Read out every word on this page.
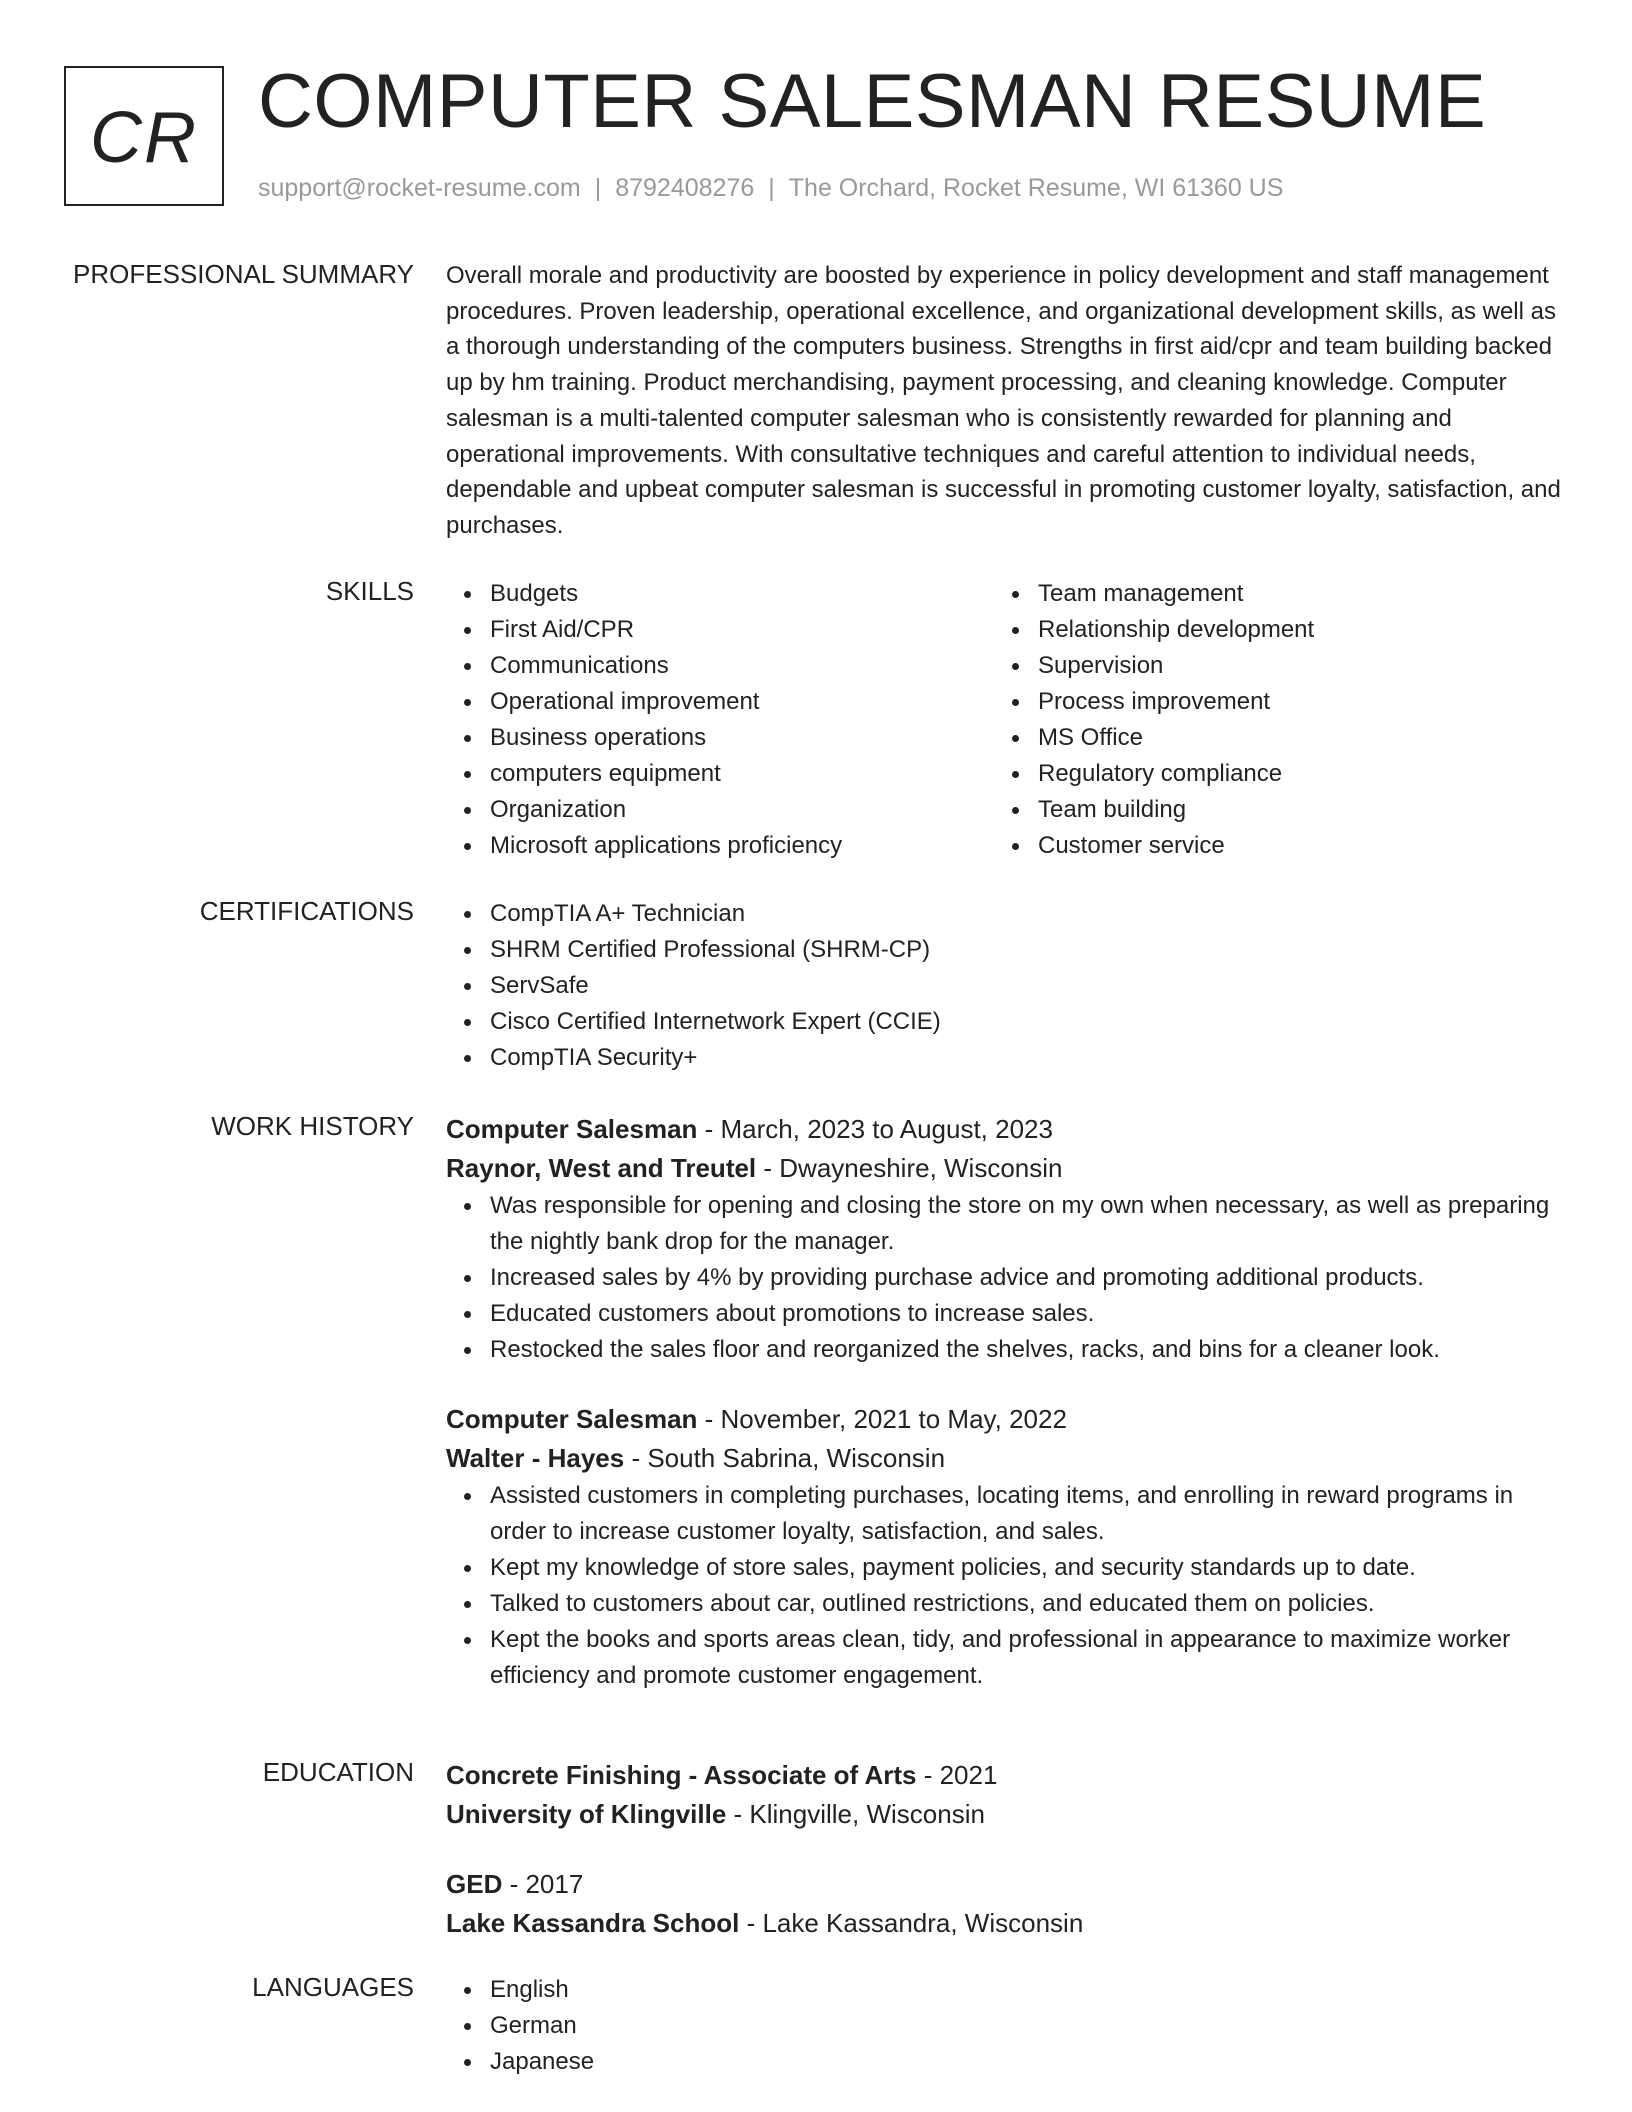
CR COMPUTER SALESMAN RESUME
support@rocket-resume.com | 8792408276 | The Orchard, Rocket Resume, WI 61360 US
PROFESSIONAL SUMMARY Overall morale and productivity are boosted by experience in policy development and staff management procedures. Proven leadership, operational excellence, and organizational development skills, as well as a thorough understanding of the computers business. Strengths in first aid/cpr and team building backed up by hm training. Product merchandising, payment processing, and cleaning knowledge. Computer salesman is a multi-talented computer salesman who is consistently rewarded for planning and operational improvements. With consultative techniques and careful attention to individual needs, dependable and upbeat computer salesman is successful in promoting customer loyalty, satisfaction, and purchases.

SKILLS	Budgets
First Aid/CPR
Communications
Operational improvement
Business operations
computers equipment
Organization
Microsoft applications proficiency
Team management
Relationship development
Supervision
Process improvement
MS Office
Regulatory compliance
Team building
Customer service
CERTIFICATIONS	CompTIA A+ Technician
SHRM Certified Professional (SHRM-CP)
ServSafe
Cisco Certified Internetwork Expert (CCIE)
CompTIA Security+
WORK HISTORY Computer Salesman - March, 2023 to August, 2023
Raynor, West and Treutel - Dwayneshire, Wisconsin
Was responsible for opening and closing the store on my own when necessary, as well as preparing the nightly bank drop for the manager.
Increased sales by 4% by providing purchase advice and promoting additional products.
Educated customers about promotions to increase sales.
Restocked the sales floor and reorganized the shelves, racks, and bins for a cleaner look.
Computer Salesman - November, 2021 to May, 2022
Walter - Hayes - South Sabrina, Wisconsin
Assisted customers in completing purchases, locating items, and enrolling in reward programs in order to increase customer loyalty, satisfaction, and sales.
Kept my knowledge of store sales, payment policies, and security standards up to date.
Talked to customers about car, outlined restrictions, and educated them on policies.
Kept the books and sports areas clean, tidy, and professional in appearance to maximize worker efficiency and promote customer engagement.
EDUCATION Concrete Finishing - Associate of Arts - 2021
University of Klingville - Klingville, Wisconsin
GED - 2017
Lake Kassandra School - Lake Kassandra, Wisconsin
LANGUAGES	English
German
Japanese
